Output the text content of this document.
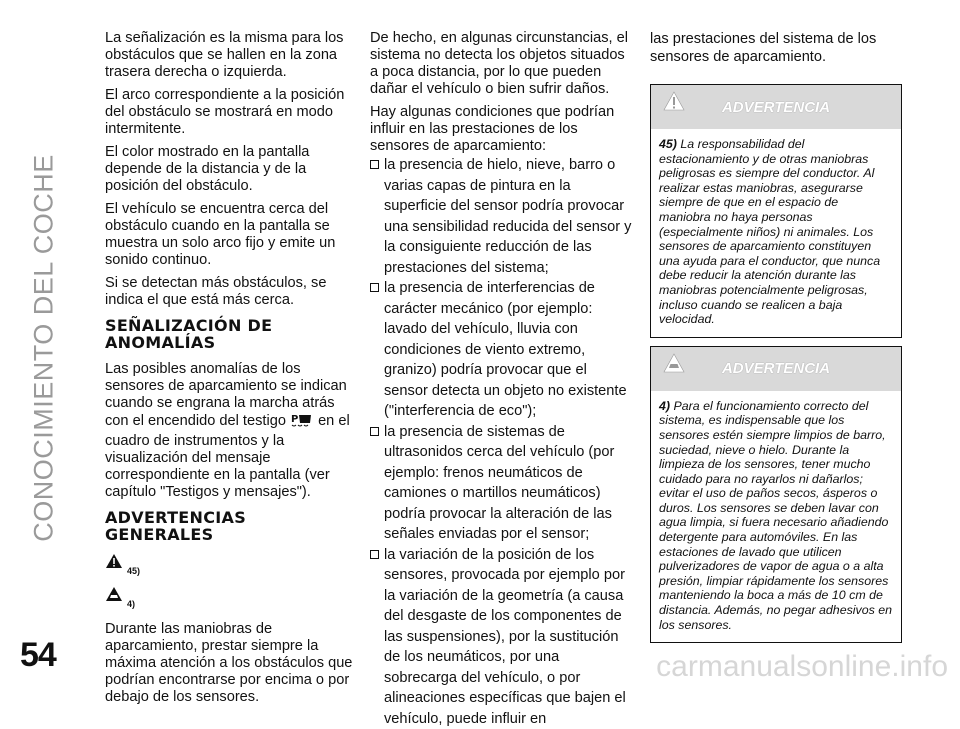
CONOCIMIENTO DEL COCHE
54	carmanualsonline.info

La señalización es la misma para los obstáculos que se hallen en la zona trasera derecha o izquierda.

El arco correspondiente a la posición del obstáculo se mostrará en modo intermitente.

El color mostrado en la pantalla depende de la distancia y de la posición del obstáculo.

El vehículo se encuentra cerca del obstáculo cuando en la pantalla se muestra un solo arco fijo y emite un sonido continuo.

Si se detectan más obstáculos, se indica el que está más cerca.

SEÑALIZACIÓN DE ANOMALÍAS

Las posibles anomalías de los sensores de aparcamiento se indican cuando se engrana la marcha atrás con el encendido del testigo P en el cuadro de instrumentos y la visualización del mensaje correspondiente en la pantalla (ver capítulo "Testigos y mensajes").

ADVERTENCIAS GENERALES
45)
4)

Durante las maniobras de aparcamiento, prestar siempre la máxima atención a los obstáculos que podrían encontrarse por encima o por debajo de los sensores.

De hecho, en algunas circunstancias, el sistema no detecta los objetos situados a poca distancia, por lo que pueden dañar el vehículo o bien sufrir daños.

Hay algunas condiciones que podrían influir en las prestaciones de los sensores de aparcamiento:

la presencia de hielo, nieve, barro o varias capas de pintura en la superficie del sensor podría provocar una sensibilidad reducida del sensor y la consiguiente reducción de las prestaciones del sistema;
la presencia de interferencias de carácter mecánico (por ejemplo: lavado del vehículo, lluvia con condiciones de viento extremo, granizo) podría provocar que el sensor detecta un objeto no existente ("interferencia de eco");
la presencia de sistemas de ultrasonidos cerca del vehículo (por ejemplo: frenos neumáticos de camiones o martillos neumáticos) podría provocar la alteración de las señales enviadas por el sensor;
la variación de la posición de los sensores, provocada por ejemplo por la variación de la geometría (a causa del desgaste de los componentes de las suspensiones), por la sustitución de los neumáticos, por una sobrecarga del vehículo, o por alineaciones específicas que bajen el vehículo, puede influir en

las prestaciones del sistema de los sensores de aparcamiento.

ADVERTENCIA
45) La responsabilidad del estacionamiento y de otras maniobras peligrosas es siempre del conductor. Al realizar estas maniobras, asegurarse siempre de que en el espacio de maniobra no haya personas (especialmente niños) ni animales. Los sensores de aparcamiento constituyen una ayuda para el conductor, que nunca debe reducir la atención durante las maniobras potencialmente peligrosas, incluso cuando se realicen a baja velocidad.
ADVERTENCIA
4) Para el funcionamiento correcto del sistema, es indispensable que los sensores estén siempre limpios de barro, suciedad, nieve o hielo. Durante la limpieza de los sensores, tener mucho cuidado para no rayarlos ni dañarlos; evitar el uso de paños secos, ásperos o duros. Los sensores se deben lavar con agua limpia, si fuera necesario añadiendo detergente para automóviles. En las estaciones de lavado que utilicen pulverizadores de vapor de agua o a alta presión, limpiar rápidamente los sensores manteniendo la boca a más de 10 cm de distancia. Además, no pegar adhesivos en los sensores.
